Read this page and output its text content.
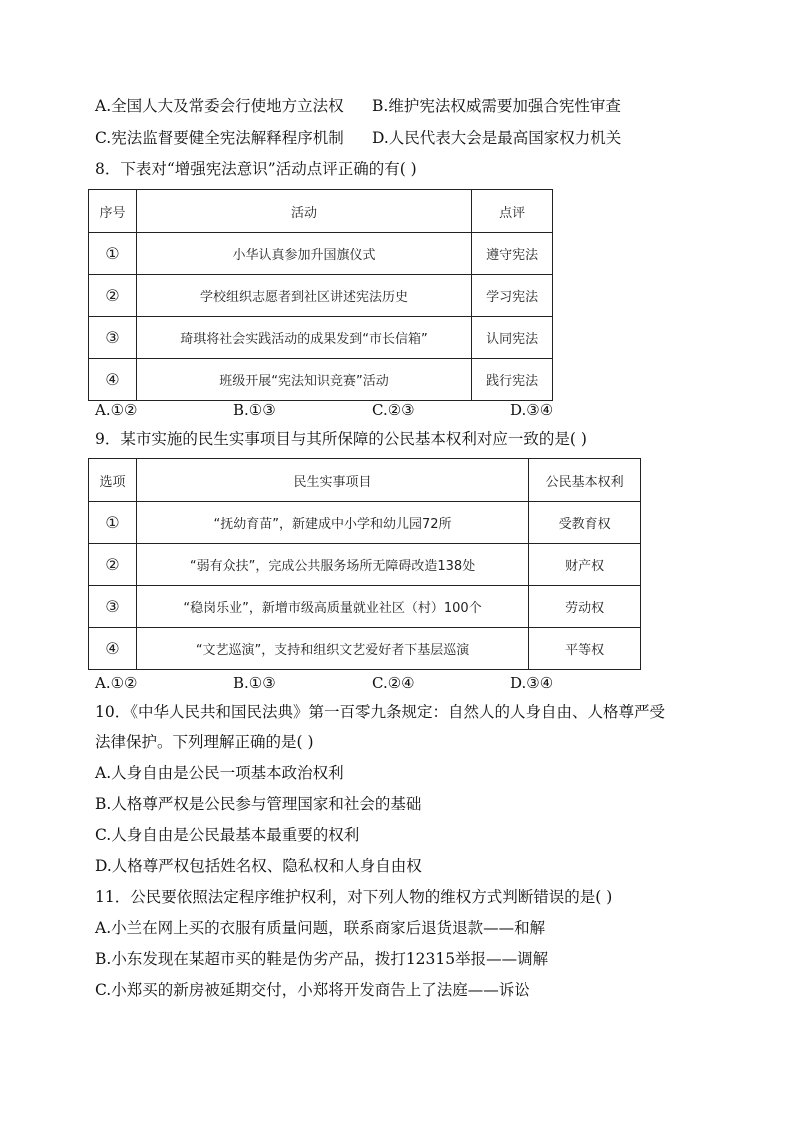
A.全国人大及常委会行使地方立法权 B.维护宪法权威需要加强合宪性审查
C.宪法监督要健全宪法解释程序机制 D.人民代表大会是最高国家权力机关
8．下表对“增强宪法意识”活动点评正确的有( )
序号	活动	点评
①	小华认真参加升国旗仪式	遵守宪法
②	学校组织志愿者到社区讲述宪法历史	学习宪法
③	琦琪将社会实践活动的成果发到“市长信箱”	认同宪法
④	班级开展“宪法知识竞赛”活动	践行宪法
A.①②	B.①③	C.②③	D.③④
9．某市实施的民生实事项目与其所保障的公民基本权利对应一致的是( )
选项	民生实事项目	公民基本权利
①	“抚幼育苗”，新建成中小学和幼儿园72所	受教育权
②	“弱有众扶”，完成公共服务场所无障碍改造138处	财产权
③	“稳岗乐业”，新增市级高质量就业社区（村）100个	劳动权
④	“文艺巡演”，支持和组织文艺爱好者下基层巡演	平等权
A.①②	B.①③	C.②④	D.③④
10．《中华人民共和国民法典》第一百零九条规定：自然人的人身自由、人格尊严受
法律保护。下列理解正确的是( )
A.人身自由是公民一项基本政治权利
B.人格尊严权是公民参与管理国家和社会的基础
C.人身自由是公民最基本最重要的权利
D.人格尊严权包括姓名权、隐私权和人身自由权
11．公民要依照法定程序维护权利，对下列人物的维权方式判断错误的是( )
A.小兰在网上买的衣服有质量问题，联系商家后退货退款——和解
B.小东发现在某超市买的鞋是伪劣产品，拨打12315举报——调解
C.小郑买的新房被延期交付，小郑将开发商告上了法庭——诉讼
